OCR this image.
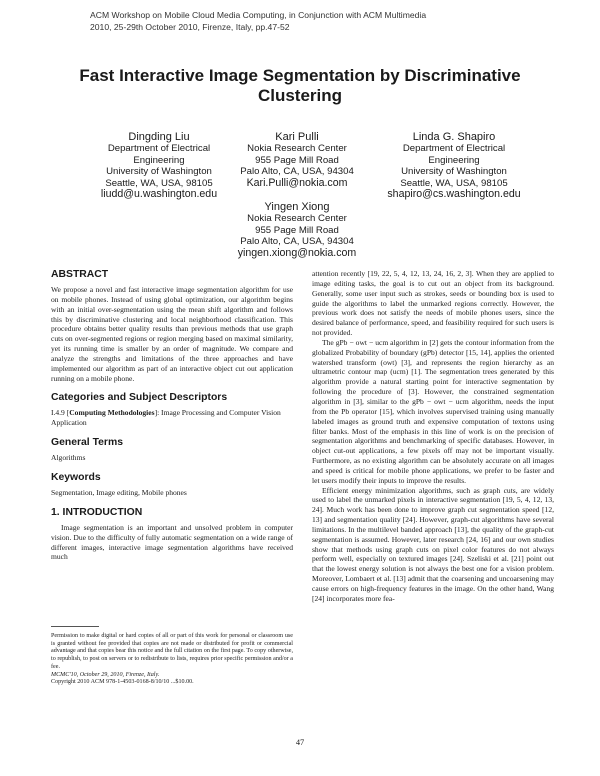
ACM Workshop on Mobile Cloud Media Computing, in Conjunction with ACM Multimedia
2010, 25-29th October 2010, Firenze, Italy, pp.47-52
Fast Interactive Image Segmentation by Discriminative
Clustering
Dingding Liu
Department of Electrical
Engineering
University of Washington
Seattle, WA, USA, 98105
liudd@u.washington.edu
Kari Pulli
Nokia Research Center
955 Page Mill Road
Palo Alto, CA, USA, 94304
Kari.Pulli@nokia.com
Linda G. Shapiro
Department of Electrical
Engineering
University of Washington
Seattle, WA, USA, 98105
shapiro@cs.washington.edu
Yingen Xiong
Nokia Research Center
955 Page Mill Road
Palo Alto, CA, USA, 94304
yingen.xiong@nokia.com
ABSTRACT

We propose a novel and fast interactive image segmentation algorithm for use on mobile phones. Instead of using global optimization, our algorithm begins with an initial over-segmentation using the mean shift algorithm and follows this by discriminative clustering and local neighborhood classification. This procedure obtains better quality results than previous methods that use graph cuts on over-segmented regions or region merging based on maximal similarity, yet its running time is smaller by an order of magnitude. We compare and analyze the strengths and limitations of the three approaches and have implemented our algorithm as part of an interactive object cut out application running on a mobile phone.

Categories and Subject Descriptors

I.4.9 [Computing Methodologies]: Image Processing and Computer Vision Application

General Terms

Algorithms

Keywords

Segmentation, Image editing, Mobile phones

1. INTRODUCTION

Image segmentation is an important and unsolved problem in computer vision. Due to the difficulty of fully automatic segmentation on a wide range of different images, interactive image segmentation algorithms have received much

Permission to make digital or hard copies of all or part of this work for personal or classroom use is granted without fee provided that copies are not made or distributed for profit or commercial advantage and that copies bear this notice and the full citation on the first page. To copy otherwise, to republish, to post on servers or to redistribute to lists, requires prior specific permission and/or a fee.
MCMC'10, October 29, 2010, Firenze, Italy.
Copyright 2010 ACM 978-1-4503-0168-8/10/10 ...$10.00.

attention recently [19, 22, 5, 4, 12, 13, 24, 16, 2, 3]. When they are applied to image editing tasks, the goal is to cut out an object from its background. Generally, some user input such as strokes, seeds or bounding box is used to guide the algorithms to label the unmarked regions correctly. However, the previous work does not satisfy the needs of mobile phones users, since the desired balance of performance, speed, and feasibility required for such users is not provided.

The gPb − owt − ucm algorithm in [2] gets the contour information from the globalized Probability of boundary (gPb) detector [15, 14], applies the oriented watershed transform (owt) [3], and represents the region hierarchy as an ultrametric contour map (ucm) [1]. The segmentation trees generated by this algorithm provide a natural starting point for interactive segmentation by following the procedure of [3]. However, the constrained segmentation algorithm in [3], similar to the gPb − owt − ucm algorithm, needs the input from the Pb operator [15], which involves supervised training using manually labeled images as ground truth and expensive computation of textons using filter banks. Most of the emphasis in this line of work is on the precision of segmentation algorithms and benchmarking of specific databases. However, in object cut-out applications, a few pixels off may not be important visually. Furthermore, as no existing algorithm can be absolutely accurate on all images and speed is critical for mobile phone applications, we prefer to be faster and let users modify their inputs to improve the results.

Efficient energy minimization algorithms, such as graph cuts, are widely used to label the unmarked pixels in interactive segmentation [19, 5, 4, 12, 13, 24]. Much work has been done to improve graph cut segmentation speed [12, 13] and segmentation quality [24]. However, graph-cut algorithms have several limitations. In the multilevel banded approach [13], the quality of the graph-cut segmentation is assumed. However, later research [24, 16] and our own studies show that methods using graph cuts on pixel color features do not always perform well, especially on textured images [24]. Szeliski et al. [21] point out that the lowest energy solution is not always the best one for a vision problem. Moreover, Lombaert et al. [13] admit that the coarsening and uncoarsening may cause errors on high-frequency features in the image. On the other hand, Wang [24] incorporates more fea-

47
